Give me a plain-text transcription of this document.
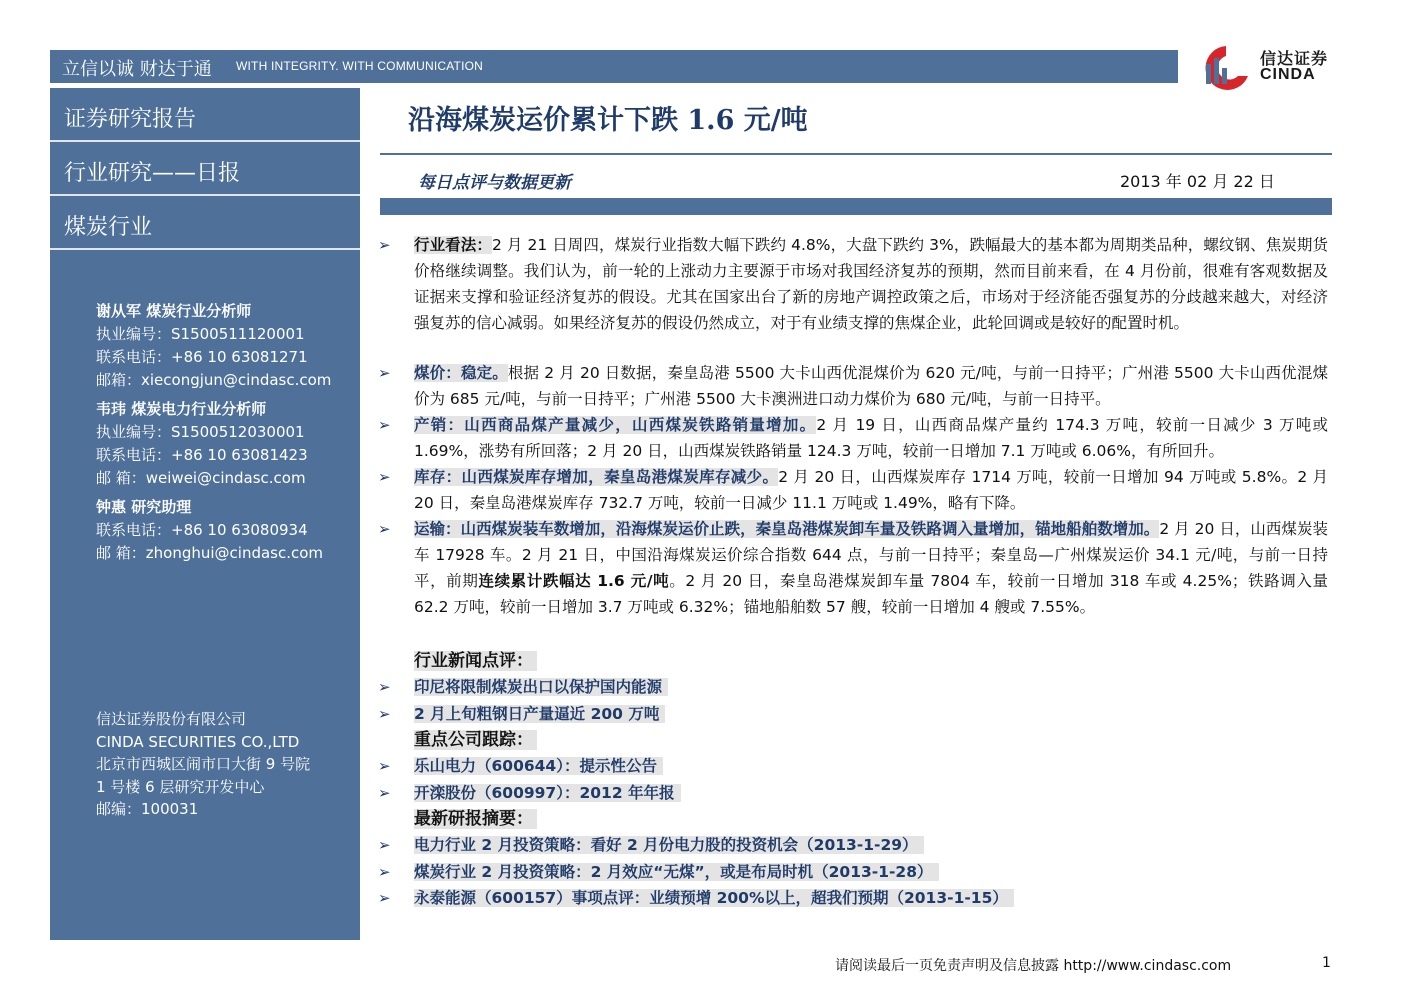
立信以诚 财达于通 WITH INTEGRITY. WITH COMMUNICATION	信达证券
CINDA
证券研究报告
行业研究——日报
煤炭行业
谢从军 煤炭行业分析师
执业编号：S1500511120001
联系电话：+86 10 63081271
邮箱：xiecongjun@cindasc.com
韦玮 煤炭电力行业分析师
执业编号：S1500512030001
联系电话：+86 10 63081423
邮 箱：weiwei@cindasc.com
钟惠 研究助理
联系电话：+86 10 63080934
邮 箱：zhonghui@cindasc.com
信达证券股份有限公司
CINDA SECURITIES CO.,LTD
北京市西城区闹市口大街 9 号院
1 号楼 6 层研究开发中心
邮编：100031
沿海煤炭运价累计下跌 1.6 元/吨
每日点评与数据更新	2013 年 02 月 22 日
➢ 行业看法：2 月 21 日周四，煤炭行业指数大幅下跌约 4.8%，大盘下跌约 3%，跌幅最大的基本都为周期类品种，螺纹钢、焦炭期货价格继续调整。我们认为，前一轮的上涨动力主要源于市场对我国经济复苏的预期，然而目前来看，在 4 月份前，很难有客观数据及证据来支撑和验证经济复苏的假设。尤其在国家出台了新的房地产调控政策之后，市场对于经济能否强复苏的分歧越来越大，对经济强复苏的信心减弱。如果经济复苏的假设仍然成立，对于有业绩支撑的焦煤企业，此轮回调或是较好的配置时机。
➢ 煤价：稳定。根据 2 月 20 日数据，秦皇岛港 5500 大卡山西优混煤价为 620 元/吨，与前一日持平；广州港 5500 大卡山西优混煤价为 685 元/吨，与前一日持平；广州港 5500 大卡澳洲进口动力煤价为 680 元/吨，与前一日持平。
➢ 产销：山西商品煤产量减少，山西煤炭铁路销量增加。2 月 19 日，山西商品煤产量约 174.3 万吨，较前一日减少 3 万吨或 1.69%，涨势有所回落；2 月 20 日，山西煤炭铁路销量 124.3 万吨，较前一日增加 7.1 万吨或 6.06%，有所回升。
➢ 库存：山西煤炭库存增加，秦皇岛港煤炭库存减少。2 月 20 日，山西煤炭库存 1714 万吨，较前一日增加 94 万吨或 5.8%。2 月 20 日，秦皇岛港煤炭库存 732.7 万吨，较前一日减少 11.1 万吨或 1.49%，略有下降。
➢ 运输：山西煤炭装车数增加，沿海煤炭运价止跌，秦皇岛港煤炭卸车量及铁路调入量增加，锚地船舶数增加。2 月 20 日，山西煤炭装车 17928 车。2 月 21 日，中国沿海煤炭运价综合指数 644 点，与前一日持平；秦皇岛—广州煤炭运价 34.1 元/吨，与前一日持平，前期连续累计跌幅达 1.6 元/吨。2 月 20 日，秦皇岛港煤炭卸车量 7804 车，较前一日增加 318 车或 4.25%；铁路调入量 62.2 万吨，较前一日增加 3.7 万吨或 6.32%；锚地船舶数 57 艘，较前一日增加 4 艘或 7.55%。
行业新闻点评：
➢ 印尼将限制煤炭出口以保护国内能源
➢ 2 月上旬粗钢日产量逼近 200 万吨
重点公司跟踪：
➢ 乐山电力（600644）：提示性公告
➢ 开滦股份（600997）：2012 年年报
最新研报摘要：
➢ 电力行业 2 月投资策略：看好 2 月份电力股的投资机会（2013-1-29）
➢ 煤炭行业 2 月投资策略：2 月效应“无煤”，或是布局时机（2013-1-28）
➢ 永泰能源（600157）事项点评：业绩预增 200%以上，超我们预期（2013-1-15）
请阅读最后一页免责声明及信息披露 http://www.cindasc.com	1
